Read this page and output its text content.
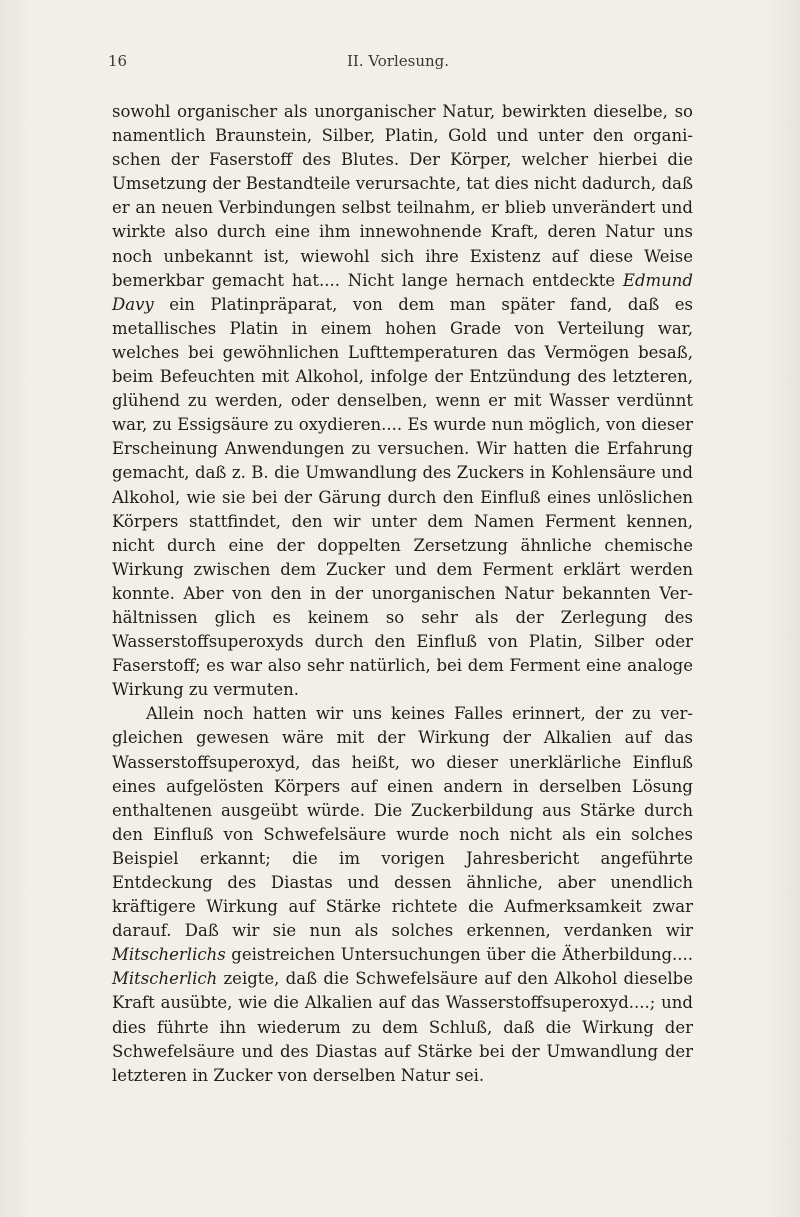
16	II. Vorlesung.

sowohl organischer als unorganischer Natur, bewirkten dieselbe, so namentlich Braunstein, Silber, Platin, Gold und unter den organischen der Faserstoff des Blutes. Der Körper, welcher hierbei die Umsetzung der Bestandteile verursachte, tat dies nicht dadurch, daß er an neuen Verbindungen selbst teilnahm, er blieb unverändert und wirkte also durch eine ihm innewohnende Kraft, deren Natur uns noch unbekannt ist, wiewohl sich ihre Existenz auf diese Weise bemerkbar gemacht hat.... Nicht lange hernach entdeckte Edmund Davy ein Platinpräparat, von dem man später fand, daß es metallisches Platin in einem hohen Grade von Verteilung war, welches bei gewöhnlichen Lufttemperaturen das Vermögen besaß, beim Befeuchten mit Alkohol, infolge der Entzündung des letzteren, glühend zu werden, oder denselben, wenn er mit Wasser verdünnt war, zu Essigsäure zu oxydieren.... Es wurde nun möglich, von dieser Erscheinung Anwendungen zu versuchen. Wir hatten die Erfahrung gemacht, daß z. B. die Umwandlung des Zuckers in Kohlensäure und Alkohol, wie sie bei der Gärung durch den Einfluß eines unlöslichen Körpers stattfindet, den wir unter dem Namen Ferment kennen, nicht durch eine der doppelten Zersetzung ähnliche chemische Wirkung zwischen dem Zucker und dem Ferment erklärt werden konnte. Aber von den in der unorganischen Natur bekannten Verhältnissen glich es keinem so sehr als der Zerlegung des Wasserstoffsuperoxyds durch den Einfluß von Platin, Silber oder Faserstoff; es war also sehr natürlich, bei dem Ferment eine analoge Wirkung zu vermuten.

Allein noch hatten wir uns keines Falles erinnert, der zu vergleichen gewesen wäre mit der Wirkung der Alkalien auf das Wasserstoffsuperoxyd, das heißt, wo dieser unerklärliche Einfluß eines aufgelösten Körpers auf einen andern in derselben Lösung enthaltenen ausgeübt würde. Die Zuckerbildung aus Stärke durch den Einfluß von Schwefelsäure wurde noch nicht als ein solches Beispiel erkannt; die im vorigen Jahresbericht angeführte Entdeckung des Diastas und dessen ähnliche, aber unendlich kräftigere Wirkung auf Stärke richtete die Aufmerksamkeit zwar darauf. Daß wir sie nun als solches erkennen, verdanken wir Mitscherlichs geistreichen Untersuchungen über die Ätherbildung.... Mitscherlich zeigte, daß die Schwefelsäure auf den Alkohol dieselbe Kraft ausübte, wie die Alkalien auf das Wasserstoffsuperoxyd....; und dies führte ihn wiederum zu dem Schluß, daß die Wirkung der Schwefelsäure und des Diastas auf Stärke bei der Umwandlung der letzteren in Zucker von derselben Natur sei.
